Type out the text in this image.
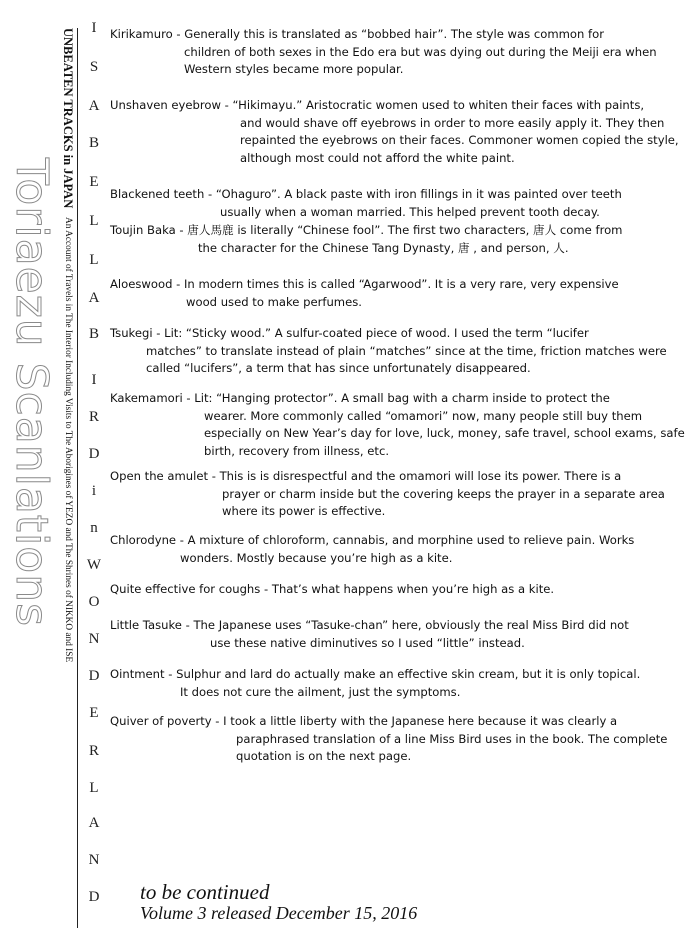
Toriaezu Scanlations
UNBEATEN TRACKS in JAPAN An Account of Travels in The Interior Including Visits to The Aborigines of YEZO and The Shrines of NIKKO and ISE
I
S
A
B
E
L
L
A
B
I
R
D
i
n
W
O
N
D
E
R
L
A
N
D
Kirikamuro - Generally this is translated as “bobbed hair”. The style was common for
children of both sexes in the Edo era but was dying out during the Meiji era when Western styles became more popular.
Unshaven eyebrow - “Hikimayu.” Aristocratic women used to whiten their faces with paints,
and would shave off eyebrows in order to more easily apply it. They then repainted the eyebrows on their faces. Commoner women copied the style, although most could not afford the white paint.
Blackened teeth - “Ohaguro”. A black paste with iron fillings in it was painted over teeth
usually when a woman married. This helped prevent tooth decay.
Toujin Baka - 唐人馬鹿 is literally “Chinese fool”. The first two characters, 唐人 come from
the character for the Chinese Tang Dynasty, 唐 , and person, 人.
Aloeswood - In modern times this is called “Agarwood”. It is a very rare, very expensive
wood used to make perfumes.
Tsukegi - Lit: “Sticky wood.” A sulfur-coated piece of wood. I used the term “lucifer
matches” to translate instead of plain “matches” since at the time, friction matches were called “lucifers”, a term that has since unfortunately disappeared.
Kakemamori - Lit: “Hanging protector”. A small bag with a charm inside to protect the
wearer. More commonly called “omamori” now, many people still buy them especially on New Year’s day for love, luck, money, safe travel, school exams, safe birth, recovery from illness, etc.
Open the amulet - This is is disrespectful and the omamori will lose its power. There is a
prayer or charm inside but the covering keeps the prayer in a separate area where its power is effective.
Chlorodyne - A mixture of chloroform, cannabis, and morphine used to relieve pain. Works
wonders. Mostly because you’re high as a kite.
Quite effective for coughs - That’s what happens when you’re high as a kite.
Little Tasuke - The Japanese uses “Tasuke-chan” here, obviously the real Miss Bird did not
use these native diminutives so I used “little” instead.
Ointment - Sulphur and lard do actually make an effective skin cream, but it is only topical.
It does not cure the ailment, just the symptoms.
Quiver of poverty - I took a little liberty with the Japanese here because it was clearly a
paraphrased translation of a line Miss Bird uses in the book. The complete quotation is on the next page.
to be continued
Volume 3 released December 15, 2016
